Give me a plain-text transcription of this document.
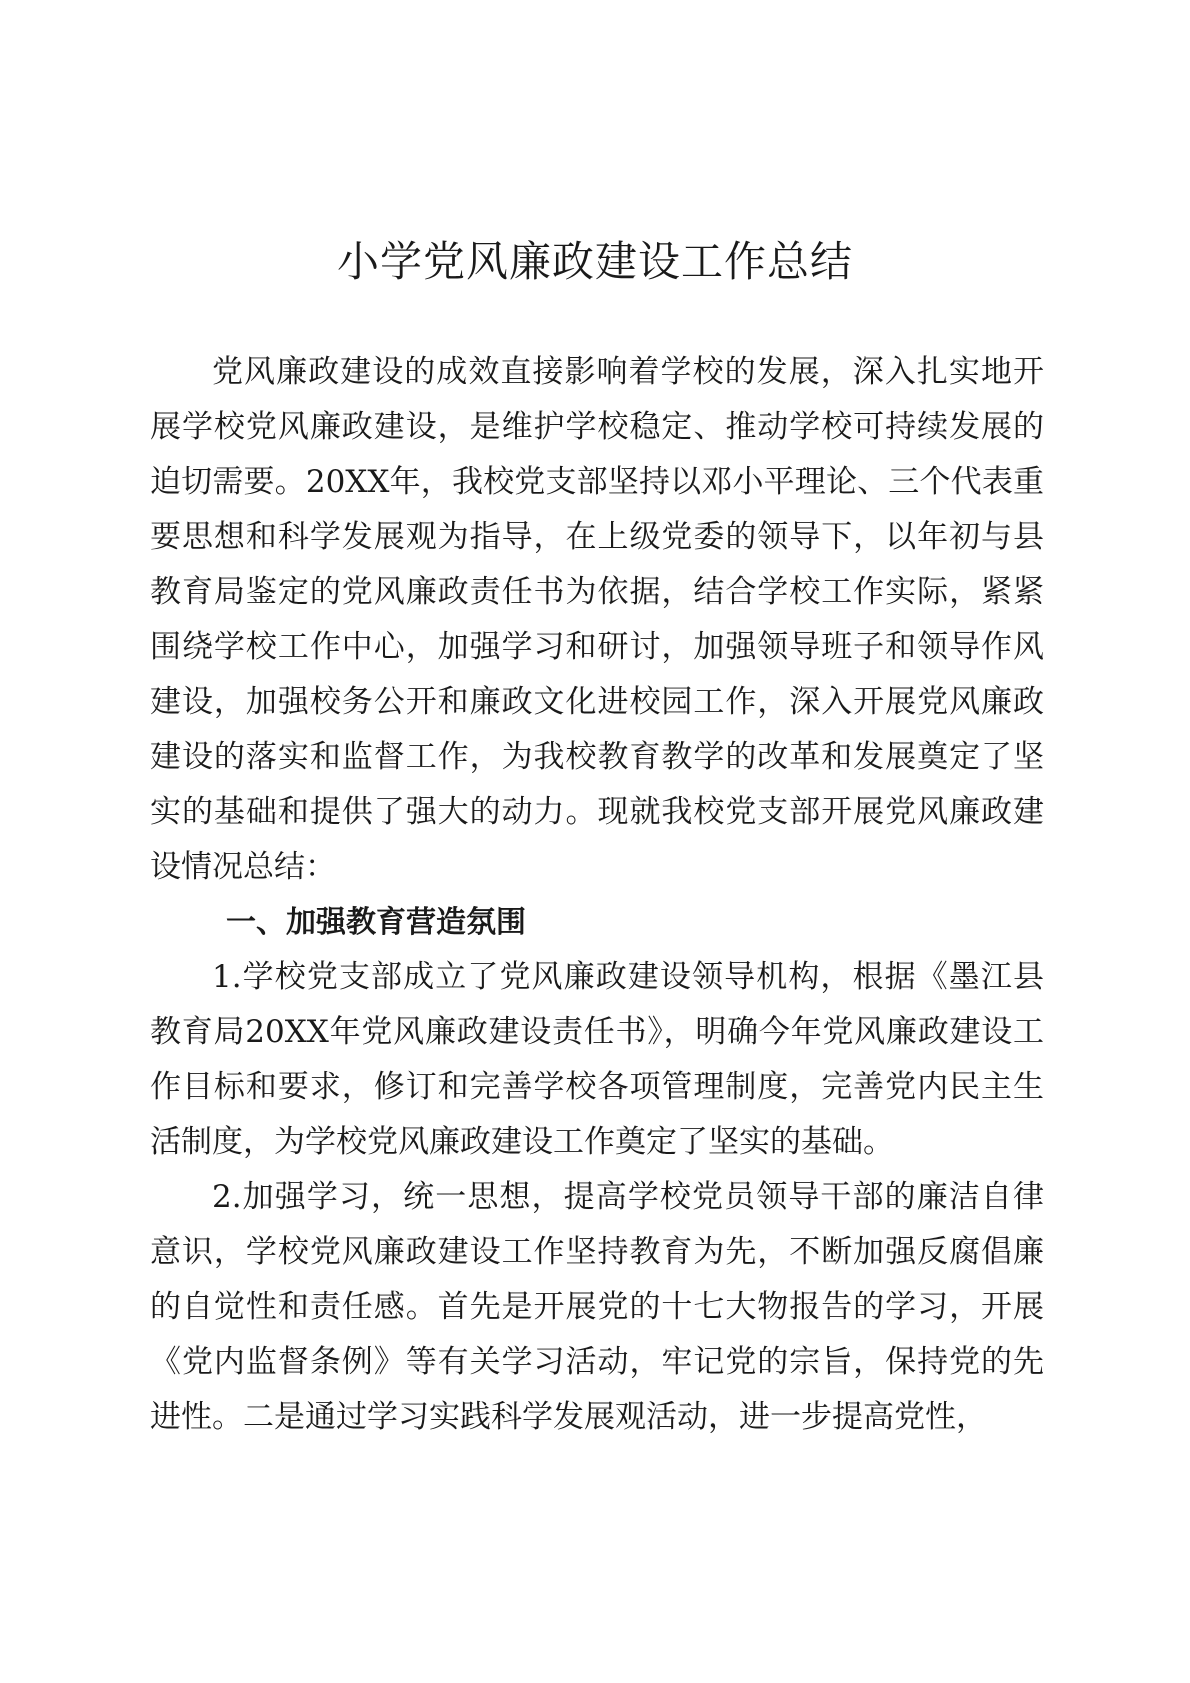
小学党风廉政建设工作总结

党风廉政建设的成效直接影响着学校的发展，深入扎实地开展学校党风廉政建设，是维护学校稳定、推动学校可持续发展的迫切需要。20XX年，我校党支部坚持以邓小平理论、三个代表重要思想和科学发展观为指导，在上级党委的领导下，以年初与县教育局鉴定的党风廉政责任书为依据，结合学校工作实际，紧紧围绕学校工作中心，加强学习和研讨，加强领导班子和领导作风建设，加强校务公开和廉政文化进校园工作，深入开展党风廉政建设的落实和监督工作，为我校教育教学的改革和发展奠定了坚实的基础和提供了强大的动力。现就我校党支部开展党风廉政建设情况总结：

一、加强教育营造氛围

1.学校党支部成立了党风廉政建设领导机构，根据《墨江县教育局20XX年党风廉政建设责任书》，明确今年党风廉政建设工作目标和要求，修订和完善学校各项管理制度，完善党内民主生活制度，为学校党风廉政建设工作奠定了坚实的基础。

2.加强学习，统一思想，提高学校党员领导干部的廉洁自律意识，学校党风廉政建设工作坚持教育为先，不断加强反腐倡廉的自觉性和责任感。首先是开展党的十七大物报告的学习，开展《党内监督条例》等有关学习活动，牢记党的宗旨，保持党的先进性。二是通过学习实践科学发展观活动，进一步提高党性，
